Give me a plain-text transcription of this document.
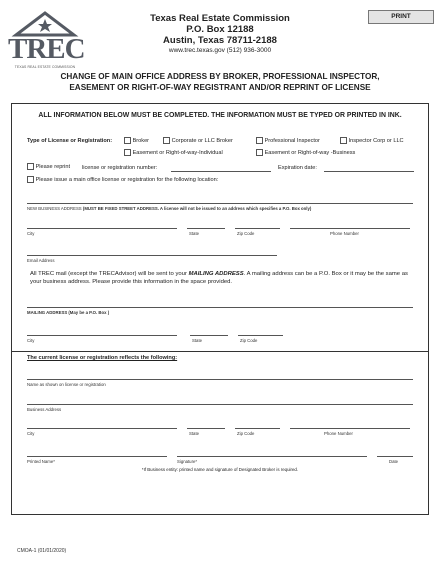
TREC
TEXAS REAL ESTATE COMMISSION
Texas Real Estate Commission
P.O. Box 12188
Austin, Texas 78711-2188
www.trec.texas.gov (512) 936-3000
PRINT
CHANGE OF MAIN OFFICE ADDRESS BY BROKER, PROFESSIONAL INSPECTOR,
EASEMENT OR RIGHT-OF-WAY REGISTRANT AND/OR REPRINT OF LICENSE
ALL INFORMATION BELOW MUST BE COMPLETED. THE INFORMATION MUST BE TYPED OR PRINTED IN INK.
Type of License or Registration:	Broker	Corporate or LLC Broker	Professional Inspector	Inspector Corp or LLC
Easement or Right-of-way-Individual	Easement or Right-of-way -Business
Please reprint license or registration number:	Expiration date:
Please issue a main office license or registration for the following location:
NEW BUSINESS ADDRESS (MUST BE FIXED STREET ADDRESS. A license will not be issued to an address which specifies a P.O. Box only)
City	State	Zip Code	Phone Number
Email Address
All TREC mail (except the TRECAdvisor) will be sent to your MAILING ADDRESS. A mailing address can be a P.O. Box or it may be the same as your business address. Please provide this information in the space provided.
MAILING ADDRESS (May be a P.O. Box )
City	State	Zip Code
The current license or registration reflects the following:
Name as shown on license or registration
Business Address
City	State	Zip Code	Phone Number
Printed Name*	Signature*	Date
*If Business entity: printed name and signature of Designated Broker is required.
CMOA-1 (01/01/2020)
